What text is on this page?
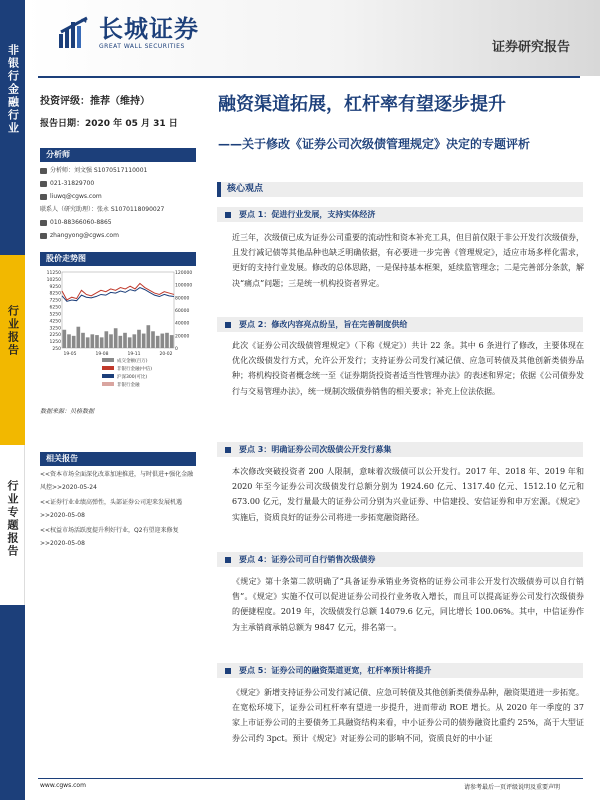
非银行金融行业
行业报告
行业专题报告
长城证券
GREAT WALL SECURITIES	证券研究报告
投资评级：推荐（维持）
报告日期：2020 年 05 月 31 日
融资渠道拓展，杠杆率有望逐步提升
——关于修改《证券公司次级债管理规定》决定的专题评析
分析师
分析师：刘文强 S1070517110001
021-31829700
liuwq@cgws.com
联系人（研究助理）：张永 S1070118090027
010-88366060-8865
zhangyong@cgws.com
股价走势图
11250
10250
9250
8250
7250
6250
5250
4250
3250
2250
1250
250
120000
100000
80000
60000
40000
20000
0
19-05	19-08	19-11	20-02
成交金额(百万)
非银行金融(中信)
沪深300(可比)
非银行金融
数据来源：贝格数据
相关报告
<<资本市场全面深化改革加速推进，与时俱进+强化金融风控>>2020-05-24
<<证券行业业绩高弹性，头部证券公司迎来发展机遇>>2020-05-08
<<权益市场活跃度提升利好行业，Q2有望迎来修复>>2020-05-08
核心观点
要点 1：促进行业发展，支持实体经济
近三年，次级债已成为证券公司重要的流动性和资本补充工具，但目前仅限于非公开发行次级债券，且发行减记债等其他品种也缺乏明确依据，有必要进一步完善《管理规定》，适应市场多样化需求，更好的支持行业发展。修改的总体思路，一是保持基本框架，延续监管理念；二是完善部分条款，解决“痛点”问题；三是统一机构投资者界定。
要点 2：修改内容亮点纷呈，旨在完善制度供给
此次《证券公司次级债管理规定》（下称《规定》）共计 22 条。其中 6 条进行了修改，主要体现在优化次级债发行方式，允许公开发行；支持证券公司发行减记债、应急可转债及其他创新类债券品种；将机构投资者概念统一至《证券期货投资者适当性管理办法》的表述和界定；依据《公司债券发行与交易管理办法》，统一规制次级债券销售的相关要求；补充上位法依据。
要点 3：明确证券公司次级债公开发行募集
本次修改突破投资者 200 人限制，意味着次级债可以公开发行。2017 年、2018 年、2019 年和 2020 年至今证券公司次级债发行总额分别为 1924.60 亿元、1317.40 亿元、1512.10 亿元和 673.00 亿元，发行量最大的证券公司分别为兴业证券、中信建投、安信证券和申万宏源。《规定》实施后，资质良好的证券公司将进一步拓宽融资路径。
要点 4：证券公司可自行销售次级债券
《规定》第十条第二款明确了“具备证券承销业务资格的证券公司非公开发行次级债券可以自行销售”。《规定》实施不仅可以促进证券公司投行业务收入增长，而且可以提高证券公司发行次级债券的便捷程度。2019 年，次级债发行总额 14079.6 亿元，同比增长 100.06%。其中，中信证券作为主承销商承销总额为 9847 亿元，排名第一。
要点 5：证券公司的融资渠道更宽，杠杆率预计将提升
《规定》新增支持证券公司发行减记债、应急可转债及其他创新类债券品种，融资渠道进一步拓宽。在宽松环境下，证券公司杠杆率有望进一步提升，进而带动 ROE 增长。从 2020 年一季度的 37 家上市证券公司的主要债务工具融资结构来看，中小证券公司的债券融资比重约 25%，高于大型证券公司约 3pct。预计《规定》对证券公司的影响不同，资质良好的中小证
www.cgws.com	请参考最后一页评级说明及重要声明
